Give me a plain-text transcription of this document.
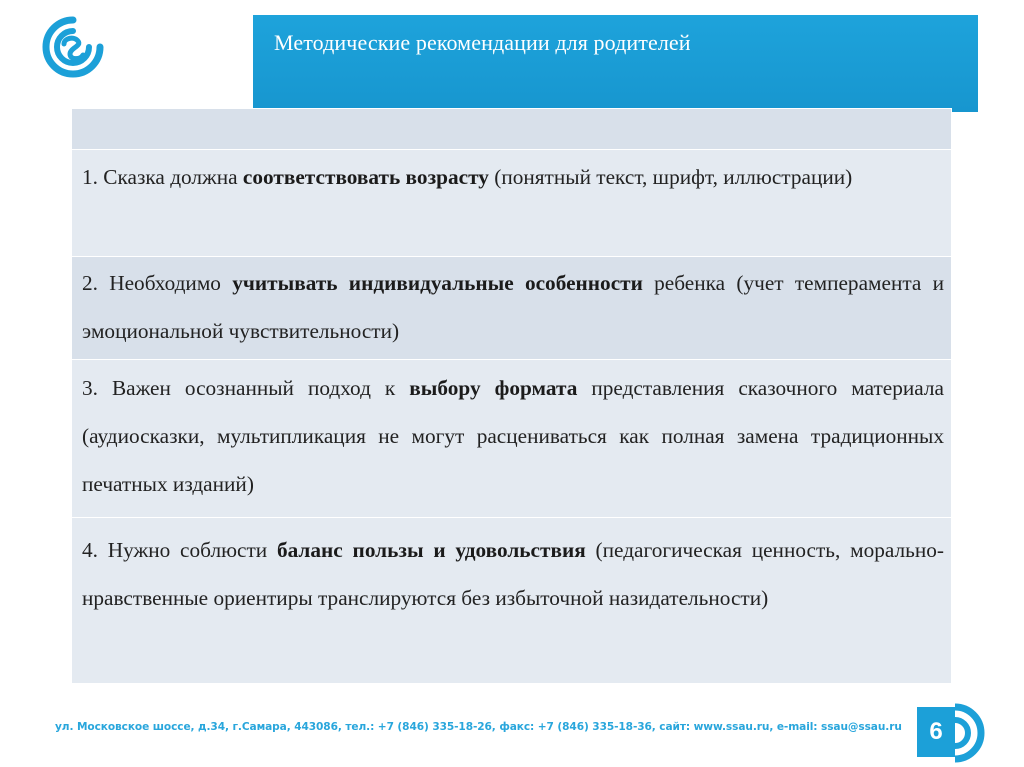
Методические рекомендации для родителей

1. Сказка должна соответствовать возрасту (понятный текст, шрифт, иллюстрации)
2. Необходимо учитывать индивидуальные особенности ребенка (учет темперамента и эмоциональной чувствительности)
3. Важен осознанный подход к выбору формата представления сказочного материала (аудиосказки, мультипликация не могут расцениваться как полная замена традиционных печатных изданий)
4. Нужно соблюсти баланс пользы и удовольствия (педагогическая ценность, морально-нравственные ориентиры транслируются без избыточной назидательности)
ул. Московское шоссе, д.34, г.Самара, 443086, тел.: +7 (846) 335-18-26, факс: +7 (846) 335-18-36, сайт: www.ssau.ru, e-mail: ssau@ssau.ru	6
